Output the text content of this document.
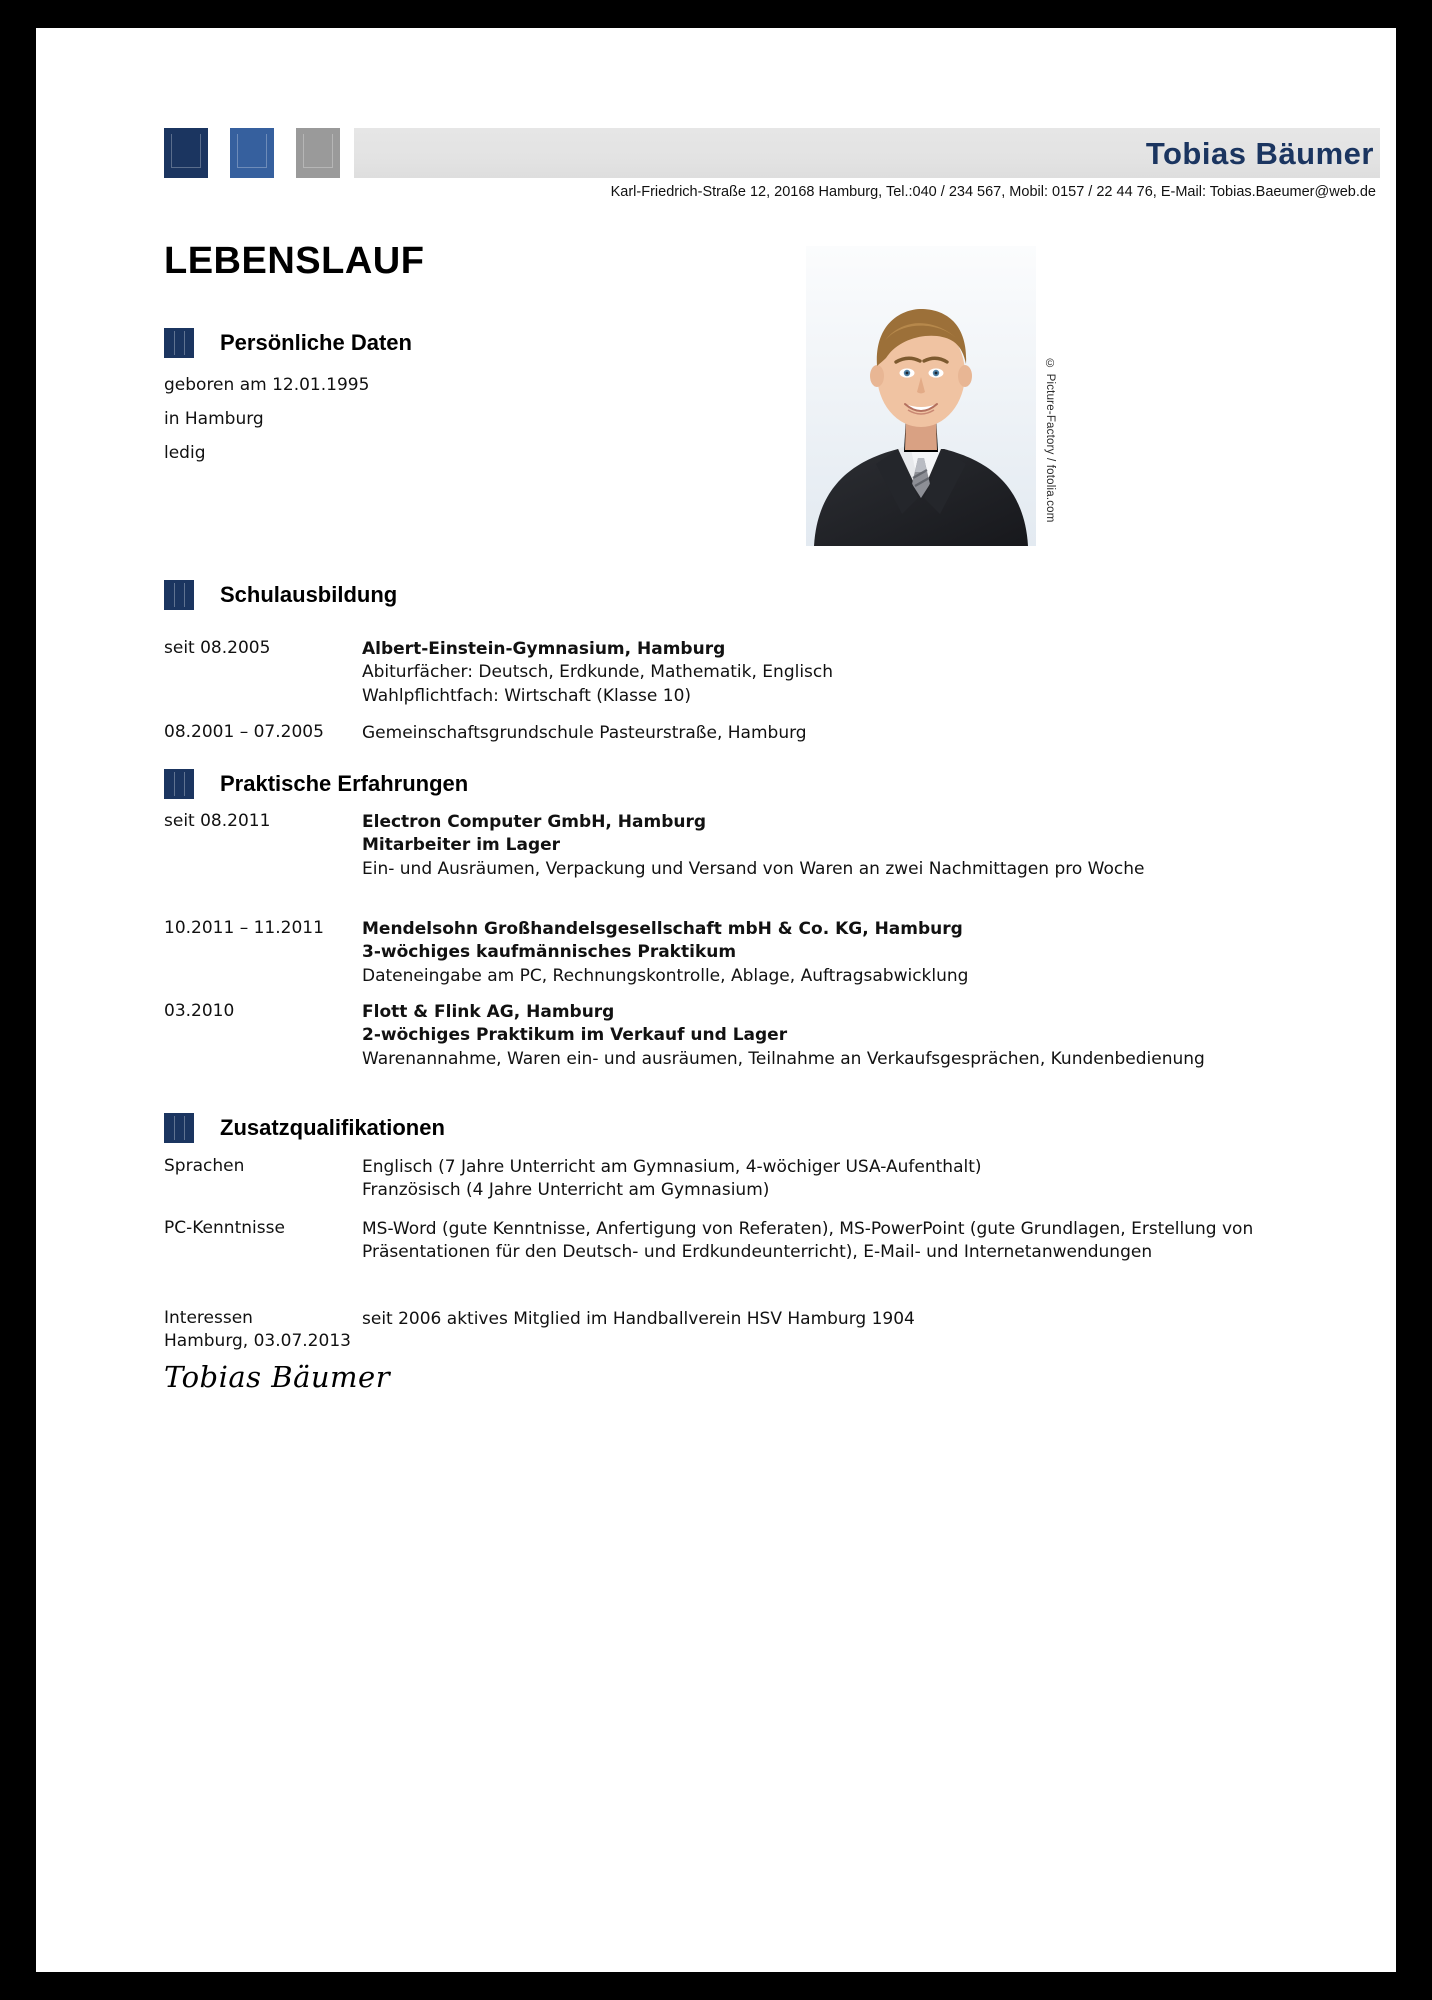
Tobias Bäumer
Karl-Friedrich-Straße 12, 20168 Hamburg, Tel.:040 / 234 567, Mobil: 0157 / 22 44 76, E-Mail: Tobias.Baeumer@web.de
LEBENSLAUF
© Picture-Factory / fotolia.com
Persönliche Daten
geboren am 12.01.1995
in Hamburg
ledig
Schulausbildung
seit 08.2005	Albert-Einstein-Gymnasium, Hamburg
Abiturfächer: Deutsch, Erdkunde, Mathematik, Englisch
Wahlpflichtfach: Wirtschaft (Klasse 10)
08.2001 – 07.2005	Gemeinschaftsgrundschule Pasteurstraße, Hamburg
Praktische Erfahrungen
seit 08.2011	Electron Computer GmbH, Hamburg
Mitarbeiter im Lager
Ein- und Ausräumen, Verpackung und Versand von Waren an zwei Nachmittagen pro Woche
10.2011 – 11.2011	Mendelsohn Großhandelsgesellschaft mbH & Co. KG, Hamburg
3-wöchiges kaufmännisches Praktikum
Dateneingabe am PC, Rechnungskontrolle, Ablage, Auftragsabwicklung
03.2010	Flott & Flink AG, Hamburg
2-wöchiges Praktikum im Verkauf und Lager
Warenannahme, Waren ein- und ausräumen, Teilnahme an Verkaufsgesprächen, Kundenbedienung
Zusatzqualifikationen
Sprachen	Englisch (7 Jahre Unterricht am Gymnasium, 4-wöchiger USA-Aufenthalt)
Französisch (4 Jahre Unterricht am Gymnasium)
PC-Kenntnisse	MS-Word (gute Kenntnisse, Anfertigung von Referaten), MS-PowerPoint (gute Grundlagen, Erstellung von Präsentationen für den Deutsch- und Erdkundeunterricht), E-Mail- und Internetanwendungen
Interessen	seit 2006 aktives Mitglied im Handballverein HSV Hamburg 1904
Hamburg, 03.07.2013
Tobias Bäumer
